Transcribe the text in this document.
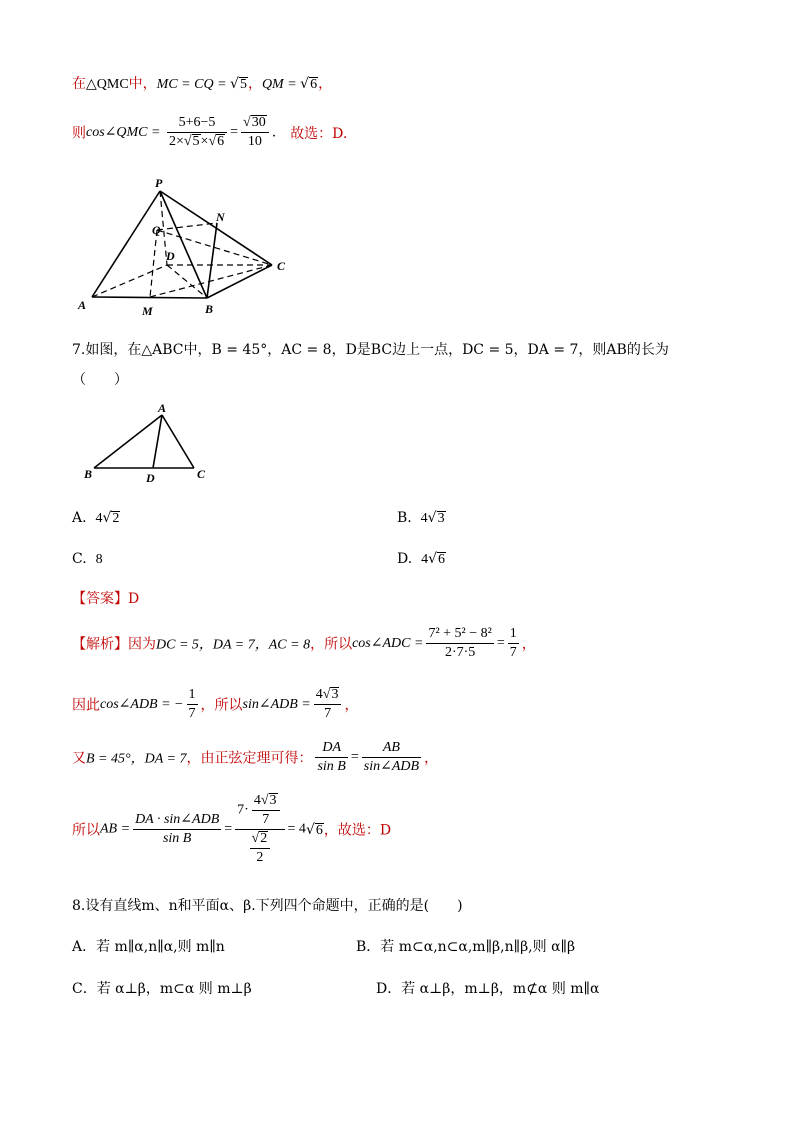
在△QMC中，MC = CQ = √5，QM = √6，
则cos∠QMC = $\frac{5+6-5}{2\times√5\times√6} = \frac{√30}{10}$ . 故选：D.
P
N
Q
D
C
A	M	B
7.如图，在△ABC中，B = 45°，AC = 8，D是BC边上一点，DC = 5，DA = 7，则AB的长为
（　　）
A
B	D	C
A. 4√2	B. 4√3
C. 8	D. 4√6
【答案】D
【解析】因为DC = 5，DA = 7，AC = 8，所以cos∠ADC = $\frac{\text{7² + 5² − 8²}}{2\cdot 7\cdot 5} = \frac{1}{7}$ ，
因此cos∠ADB = − $\frac{1}{7}$ ，所以sin∠ADB = $\frac{4√3}{7}$ ，
又B = 45°，DA = 7，由正弦定理可得： $\frac{DA}{\text{sin B}} = \frac{AB}{\text{sin∠ADB}}$ ，
所以AB = $\frac{\text{DA · sin∠ADB}}{\text{sin B}} = \frac{7\cdot \frac{4√3}{7}}{\frac{√2}{2}} = 4√6$，故选：D
8.设有直线m、n和平面α、β.下列四个命题中，正确的是(　　)
A．若 m∥α,n∥α,则 m∥n	B．若 m⊂α,n⊂α,m∥β,n∥β,则 α∥β
C．若 α⊥β，m⊂α 则 m⊥β	D．若 α⊥β，m⊥β，m⊄α 则 m∥α
